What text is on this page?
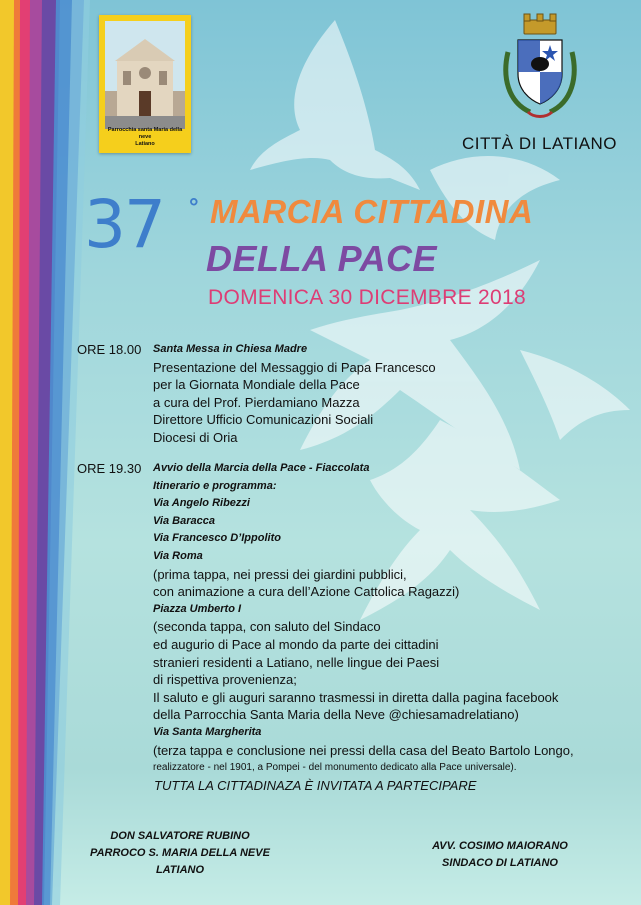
Parrocchia santa Maria della neve
Latiano	CITTÀ DI LATIANO
37 ° MARCIA CITTADINA
DELLA PACE
DOMENICA 30 DICEMBRE 2018
ORE 18.00	Santa Messa in Chiesa Madre
Presentazione del Messaggio di Papa Francesco
per la Giornata Mondiale della Pace
a cura del Prof. Pierdamiano Mazza
Direttore Ufficio Comunicazioni Sociali
Diocesi di Oria
ORE 19.30	Avvio della Marcia della Pace - Fiaccolata
Itinerario e programma:
Via Angelo Ribezzi
Via Baracca
Via Francesco D’Ippolito
Via Roma
(prima tappa, nei pressi dei giardini pubblici,
con animazione a cura dell’Azione Cattolica Ragazzi)
Piazza Umberto I
(seconda tappa, con saluto del Sindaco
ed augurio di Pace al mondo da parte dei cittadini
stranieri residenti a Latiano, nelle lingue dei Paesi
di rispettiva provenienza;
Il saluto e gli auguri saranno trasmessi in diretta dalla pagina facebook
della Parrocchia Santa Maria della Neve @chiesamadrelatiano)
Via Santa Margherita
(terza tappa e conclusione nei pressi della casa del Beato Bartolo Longo,
realizzatore - nel 1901, a Pompei - del monumento dedicato alla Pace universale).
TUTTA LA CITTADINAZA È INVITATA A PARTECIPARE
DON SALVATORE RUBINO
PARROCO S. MARIA DELLA NEVE
LATIANO
AVV. COSIMO MAIORANO
SINDACO DI LATIANO
